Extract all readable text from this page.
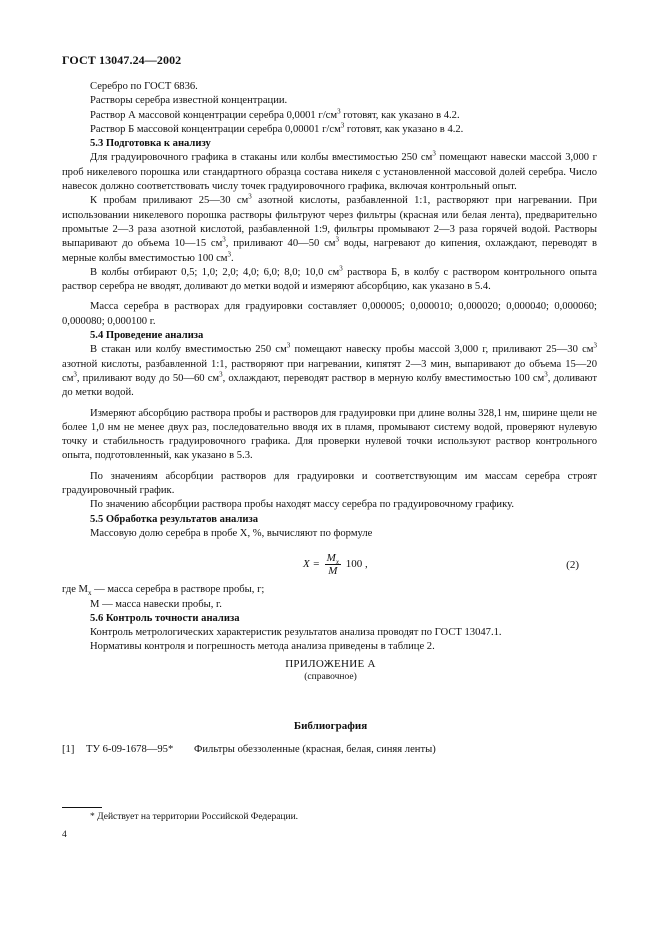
ГОСТ 13047.24—2002

Серебро по ГОСТ 6836.

Растворы серебра известной концентрации.

Раствор А массовой концентрации серебра 0,0001 $г/см^3$ готовят, как указано в 4.2.

Раствор Б массовой концентрации серебра 0,00001 $г/см^3$ готовят, как указано в 4.2.

5.3 Подготовка к анализу

Для градуировочного графика в стаканы или колбы вместимостью 250 $см^3$ помещают навески массой 3,000 г проб никелевого порошка или стандартного образца состава никеля с установленной массовой долей серебра. Число навесок должно соответствовать числу точек градуировочного графика, включая контрольный опыт.

К пробам приливают 25—30 $см^3$ азотной кислоты, разбавленной 1:1, растворяют при нагревании. При использовании никелевого порошка растворы фильтруют через фильтры (красная или белая лента), предварительно промытые 2—3 раза азотной кислотой, разбавленной 1:9, фильтры промывают 2—3 раза горячей водой. Растворы выпаривают до объема 10—15 $см^3$, приливают 40—50 $см^3$ воды, нагревают до кипения, охлаждают, переводят в мерные колбы вместимостью 100 $см^3$.

В колбы отбирают 0,5; 1,0; 2,0; 4,0; 6,0; 8,0; 10,0 $см^3$ раствора Б, в колбу с раствором контрольного опыта раствор серебра не вводят, доливают до метки водой и измеряют абсорбцию, как указано в 5.4.

Масса серебра в растворах для градуировки составляет 0,000005; 0,000010; 0,000020; 0,000040; 0,000060; 0,000080; 0,000100 г.

5.4 Проведение анализа

В стакан или колбу вместимостью 250 $см^3$ помещают навеску пробы массой 3,000 г, приливают 25—30 $см^3$ азотной кислоты, разбавленной 1:1, растворяют при нагревании, кипятят 2—3 мин, выпаривают до объема 15—20 $см^3$, приливают воду до 50—60 $см^3$, охлаждают, переводят раствор в мерную колбу вместимостью 100 $см^3$, доливают до метки водой.

Измеряют абсорбцию раствора пробы и растворов для градуировки при длине волны 328,1 нм, ширине щели не более 1,0 нм не менее двух раз, последовательно вводя их в пламя, промывают систему водой, проверяют нулевую точку и стабильность градуировочного графика. Для проверки нулевой точки используют раствор контрольного опыта, подготовленный, как указано в 5.3.

По значениям абсорбции растворов для градуировки и соответствующим им массам серебра строят градуировочный график.

По значению абсорбции раствора пробы находят массу серебра по градуировочному графику.

5.5 Обработка результатов анализа

Массовую долю серебра в пробе X, %, вычисляют по формуле

$X = \frac{M_x}{M} 100$ ,	(2)

где $M_x$ — масса серебра в растворе пробы, г;

M — масса навески пробы, г.

5.6 Контроль точности анализа

Контроль метрологических характеристик результатов анализа проводят по ГОСТ 13047.1.

Нормативы контроля и погрешность метода анализа приведены в таблице 2.

ПРИЛОЖЕНИЕ А
(справочное)
Библиография
[1] ТУ 6-09-1678—95* Фильтры обеззоленные (красная, белая, синяя ленты)
* Действует на территории Российской Федерации.
4
